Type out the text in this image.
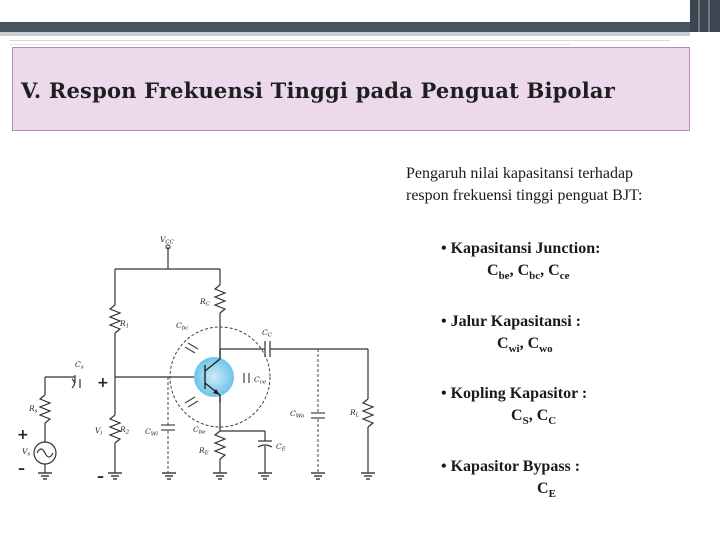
V. Respon Frekuensi Tinggi pada Penguat Bipolar
Pengaruh nilai kapasitansi terhadap
respon frekuensi tinggi penguat BJT:
• Kapasitansi Junction:
$C_{be}$, $C_{bc}$, $C_{ce}$
• Jalur Kapasitansi :
$C_{wi}$, $C_{wo}$
• Kopling Kapasitor :
$C_S$, $C_C$
• Kapasitor Bypass :
$C_E$
$V_{CC}$
$R_C$
$R_1$
$R_2$
$R_E$
$R_L$
$R_s$
$V_s$
$V_i$
$C_s$
$C_C$
$C_E$
$C_{bc}$
$C_{be}$
$C_{ce}$
$C_{Wi}$
$C_{Wo}$
+
–
+
–
